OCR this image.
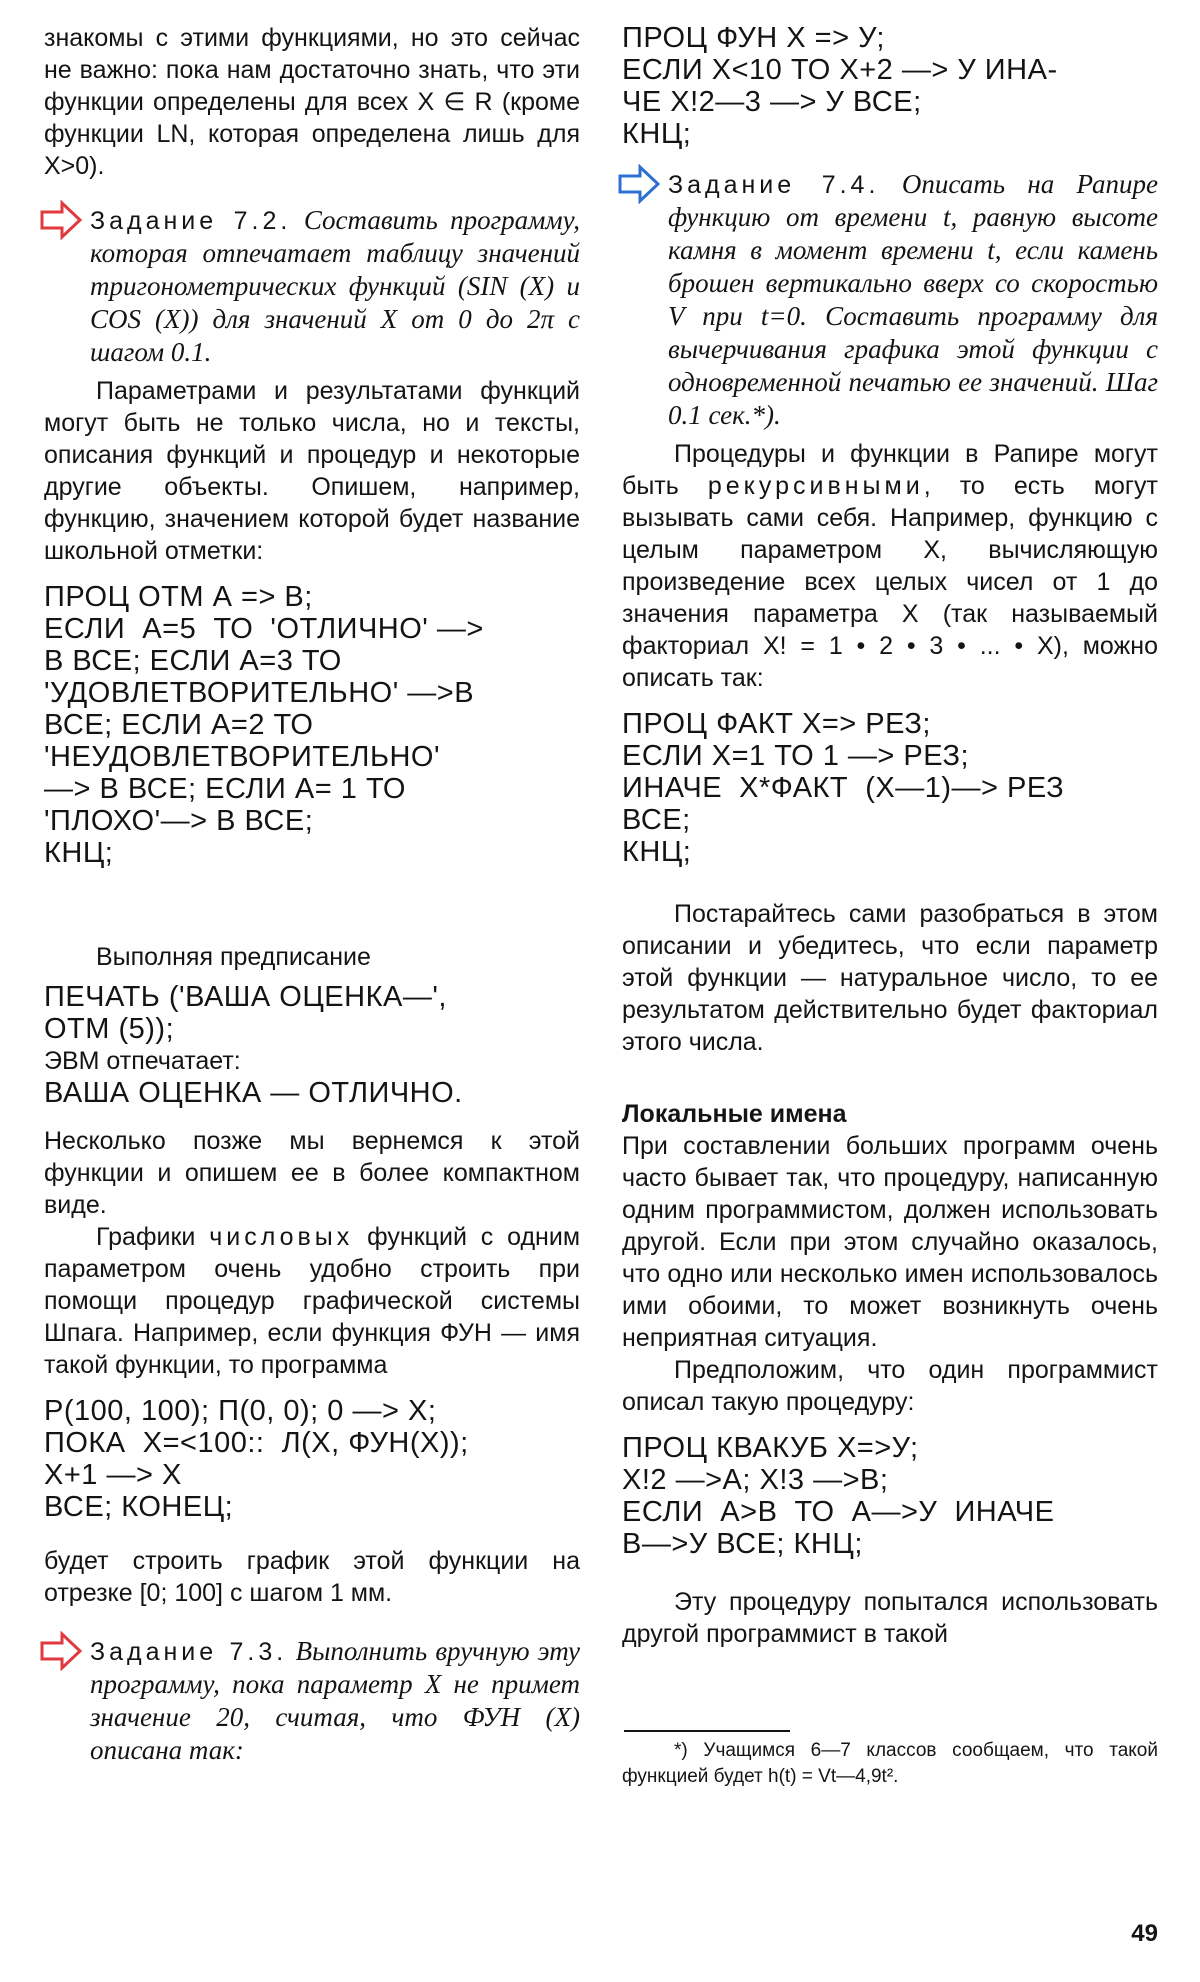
знакомы с этими функциями, но это сейчас не важно: пока нам достаточно знать, что эти функции определены для всех X ∈ R (кроме функции LN, которая определена лишь для X>0).

Задание 7.2. Составить программу, которая отпечатает таблицу значений тригонометрических функций (SIN (X) и COS (X)) для значений X от 0 до 2π с шагом 0.1.

Параметрами и результатами функций могут быть не только числа, но и тексты, описания функций и процедур и некоторые другие объекты. Опишем, например, функцию, значением которой будет название школьной отметки:

ПРОЦ ОТМ А => В;

ЕСЛИ  А=5  ТО  'ОТЛИЧНО' —>

В ВСЕ; ЕСЛИ А=3 ТО

'УДОВЛЕТВОРИТЕЛЬНО' —>В

ВСЕ; ЕСЛИ А=2 ТО

'НЕУДОВЛЕТВОРИТЕЛЬНО'

—> В ВСЕ; ЕСЛИ А= 1 ТО

'ПЛОХО'—> В ВСЕ;

КНЦ;

Выполняя предписание

ПЕЧАТЬ ('ВАША ОЦЕНКА—',

ОТМ (5));

ЭВМ отпечатает:

ВАША ОЦЕНКА — ОТЛИЧНО.

Несколько позже мы вернемся к этой функции и опишем ее в более компактном виде.

Графики числовых функций с одним параметром очень удобно строить при помощи процедур графической системы Шпага. Например, если функция ФУН — имя такой функции, то программа

Р(100, 100); П(0, 0); 0 —> X;

ПОКА  X=<100::  Л(X, ФУН(X));

X+1 —> X

ВСЕ; КОНЕЦ;

будет строить график этой функции на отрезке [0; 100] с шагом 1 мм.

Задание 7.3. Выполнить вручную эту программу, пока параметр X не примет значение 20, считая, что ФУН (X) описана так:

ПРОЦ ФУН X => У;

ЕСЛИ X<10 ТО X+2 —> У ИНА-

ЧЕ X!2—3 —> У ВСЕ;

КНЦ;

Задание 7.4. Описать на Рапире функцию от времени t, равную высоте камня в момент времени t, если камень брошен вертикально вверх со скоростью V при t=0. Составить программу для вычерчивания графика этой функции с одновременной печатью ее значений. Шаг 0.1 сек.*).

Процедуры и функции в Рапире могут быть рекурсивными, то есть могут вызывать сами себя. Например, функцию с целым параметром X, вычисляющую произведение всех целых чисел от 1 до значения параметра X (так называемый факториал X! = 1 • 2 • 3 • ... • X), можно описать так:

ПРОЦ ФАКТ X=> РЕЗ;

ЕСЛИ X=1 ТО 1 —> РЕЗ;

ИНАЧЕ  X*ФАКТ  (X—1)—> РЕЗ

ВСЕ;

КНЦ;

Постарайтесь сами разобраться в этом описании и убедитесь, что если параметр этой функции — натуральное число, то ее результатом действительно будет факториал этого числа.

Локальные имена

При составлении больших программ очень часто бывает так, что процедуру, написанную одним программистом, должен использовать другой. Если при этом случайно оказалось, что одно или несколько имен использовалось ими обоими, то может возникнуть очень неприятная ситуация.

Предположим, что один программист описал такую процедуру:

ПРОЦ КВАКУБ X=>У;

X!2 —>A; X!3 —>B;

ЕСЛИ  A>B  ТО  A—>У  ИНАЧЕ

B—>У ВСЕ; КНЦ;

Эту процедуру попытался использовать другой программист в такой

*) Учащимся 6—7 классов сообщаем, что такой функцией будет h(t) = Vt—4,9t².

49
